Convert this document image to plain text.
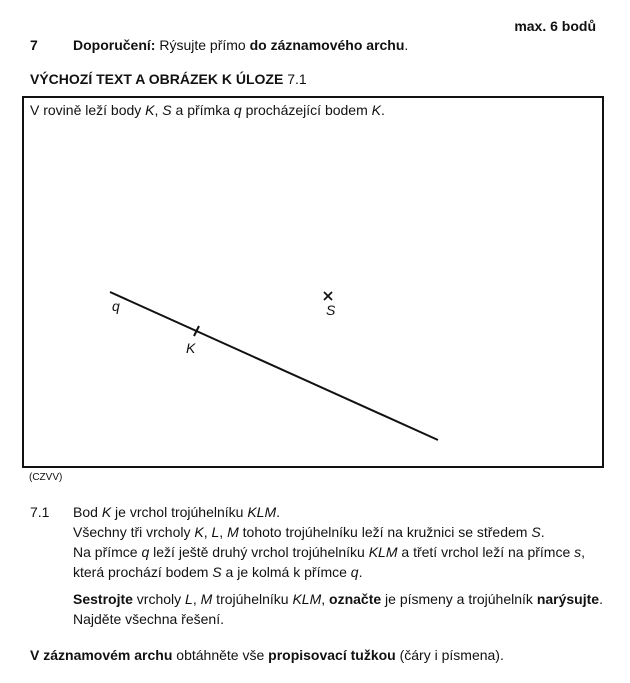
max. 6 bodů
7	Doporučení: Rýsujte přímo do záznamového archu.
VÝCHOZÍ TEXT A OBRÁZEK K ÚLOZE 7.1
V rovině leží body K, S a přímka q procházející bodem K.
q
K
S
(CZVV)
7.1 Bod K je vrchol trojúhelníku KLM.
Všechny tři vrcholy K, L, M tohoto trojúhelníku leží na kružnici se středem S.
Na přímce q leží ještě druhý vrchol trojúhelníku KLM a třetí vrchol leží na přímce s,
která prochází bodem S a je kolmá k přímce q.
Sestrojte vrcholy L, M trojúhelníku KLM, označte je písmeny a trojúhelník narýsujte.
Najděte všechna řešení.
V záznamovém archu obtáhněte vše propisovací tužkou (čáry i písmena).
